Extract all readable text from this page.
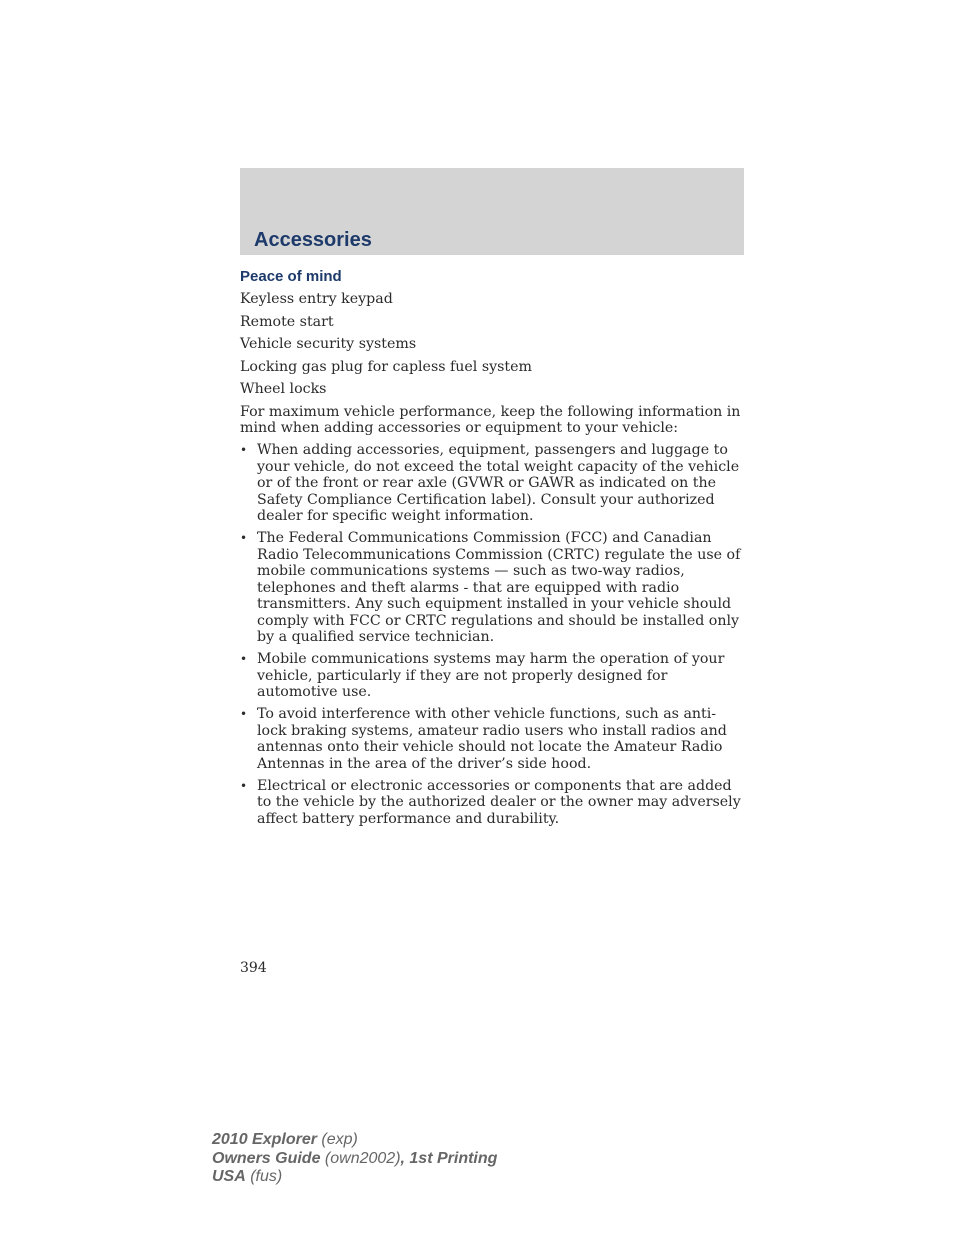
Accessories
Peace of mind

Keyless entry keypad

Remote start

Vehicle security systems

Locking gas plug for capless fuel system

Wheel locks

For maximum vehicle performance, keep the following information in mind when adding accessories or equipment to your vehicle:

• When adding accessories, equipment, passengers and luggage to your vehicle, do not exceed the total weight capacity of the vehicle or of the front or rear axle (GVWR or GAWR as indicated on the Safety Compliance Certification label). Consult your authorized dealer for specific weight information.
• The Federal Communications Commission (FCC) and Canadian Radio Telecommunications Commission (CRTC) regulate the use of mobile communications systems — such as two-way radios, telephones and theft alarms - that are equipped with radio transmitters. Any such equipment installed in your vehicle should comply with FCC or CRTC regulations and should be installed only by a qualified service technician.
• Mobile communications systems may harm the operation of your vehicle, particularly if they are not properly designed for automotive use.
• To avoid interference with other vehicle functions, such as anti-lock braking systems, amateur radio users who install radios and antennas onto their vehicle should not locate the Amateur Radio Antennas in the area of the driver’s side hood.
• Electrical or electronic accessories or components that are added to the vehicle by the authorized dealer or the owner may adversely affect battery performance and durability.
394
2010 Explorer (exp)
Owners Guide (own2002), 1st Printing
USA (fus)
